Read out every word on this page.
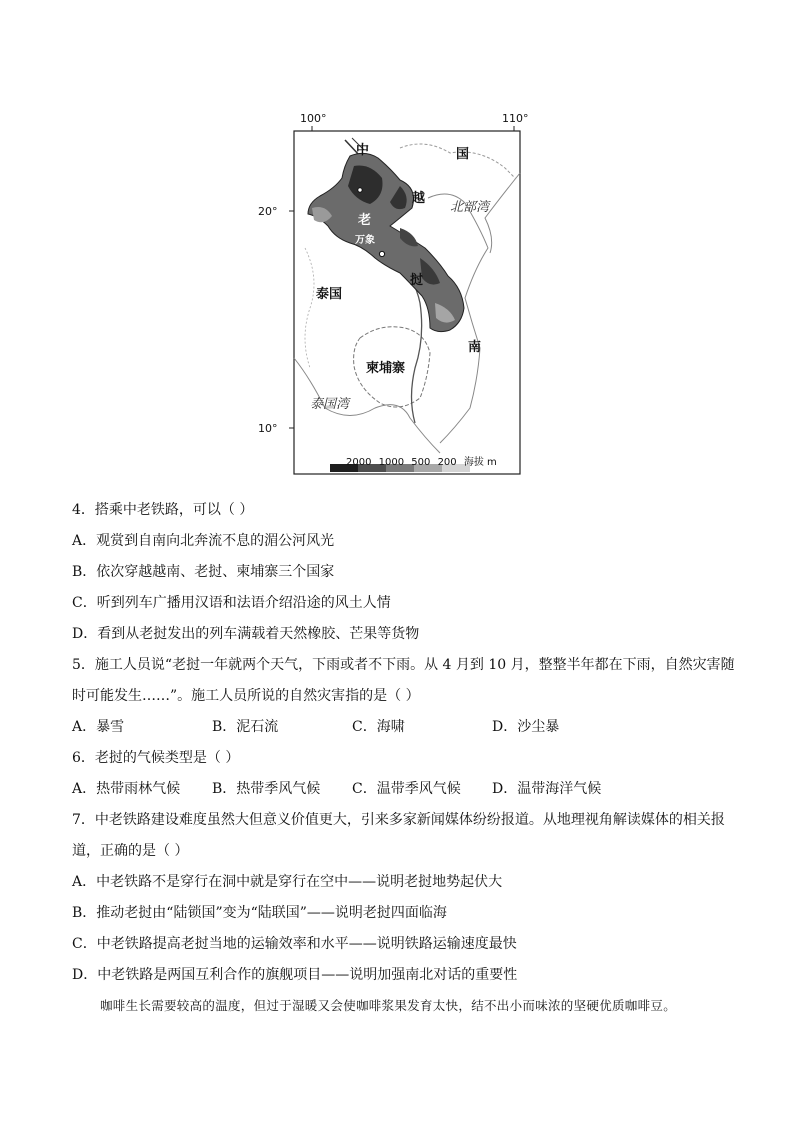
100°	110°
20°
10°
中	国
越
南
老
挝
万象
泰国
柬埔寨
北部湾
泰国湾
2000 1000 500 200 海拔 m

4．搭乘中老铁路，可以（ ）

A．观赏到自南向北奔流不息的湄公河风光

B．依次穿越越南、老挝、柬埔寨三个国家

C．听到列车广播用汉语和法语介绍沿途的风土人情

D．看到从老挝发出的列车满载着天然橡胶、芒果等货物

5．施工人员说“老挝一年就两个天气，下雨或者不下雨。从 4 月到 10 月，整整半年都在下雨，自然灾害随

时可能发生……”。施工人员所说的自然灾害指的是（ ）

A．暴雪	B．泥石流	C．海啸	D．沙尘暴

6．老挝的气候类型是（ ）

A．热带雨林气候	B．热带季风气候	C．温带季风气候	D．温带海洋气候

7．中老铁路建设难度虽然大但意义价值更大，引来多家新闻媒体纷纷报道。从地理视角解读媒体的相关报

道，正确的是（ ）

A．中老铁路不是穿行在洞中就是穿行在空中——说明老挝地势起伏大

B．推动老挝由“陆锁国”变为“陆联国”——说明老挝四面临海

C．中老铁路提高老挝当地的运输效率和水平——说明铁路运输速度最快

D．中老铁路是两国互利合作的旗舰项目——说明加强南北对话的重要性

咖啡生长需要较高的温度，但过于湿暖又会使咖啡浆果发育太快，结不出小而味浓的坚硬优质咖啡豆。
